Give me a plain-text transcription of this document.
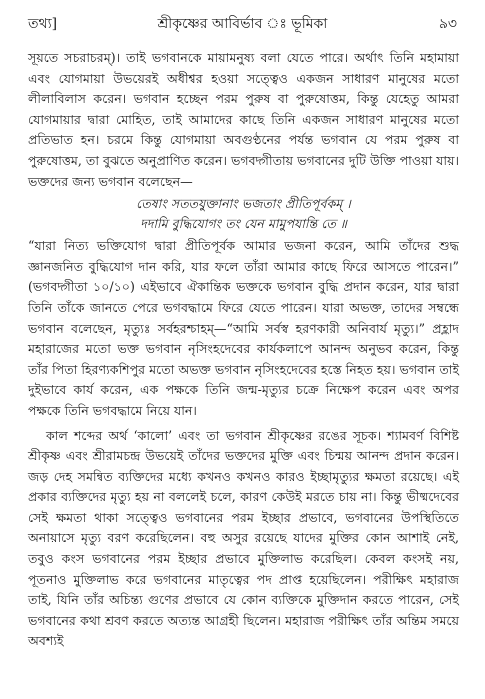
তথ্য]	শ্রীকৃষ্ণের আবির্ভাব ঃ ভূমিকা	৯৩

সূয়তে সচরাচরম্)। তাই ভগবানকে মায়ামনুষ্য বলা যেতে পারে। অর্থাৎ তিনি মহামায়া এবং যোগমায়া উভয়েরই অধীশ্বর হওয়া সত্ত্বেও একজন সাধারণ মানুষের মতো লীলাবিলাস করেন। ভগবান হচ্ছেন পরম পুরুষ বা পুরুষোত্তম, কিন্তু যেহেতু আমরা যোগমায়ার দ্বারা মোহিত, তাই আমাদের কাছে তিনি একজন সাধারণ মানুষের মতো প্রতিভাত হন। চরমে কিন্তু যোগমায়া অবগুণ্ঠনের পর্যন্ত ভগবান যে পরম পুরুষ বা পুরুষোত্তম, তা বুঝতে অনুপ্রাণিত করেন। ভগবদ্গীতায় ভগবানের দুটি উক্তি পাওয়া যায়। ভক্তদের জন্য ভগবান বলেছেন—

তেষাং সততযুক্তানাং ভজতাং প্রীতিপূর্বকম্ ।
দদামি বুদ্ধিযোগং তং যেন মামুপযান্তি তে ॥

“যারা নিত্য ভক্তিযোগ দ্বারা প্রীতিপূর্বক আমার ভজনা করেন, আমি তাঁদের শুদ্ধ জ্ঞানজনিত বুদ্ধিযোগ দান করি, যার ফলে তাঁরা আমার কাছে ফিরে আসতে পারেন।” (ভগবদ্গীতা ১০/১০) এইভাবে ঐকান্তিক ভক্তকে ভগবান বুদ্ধি প্রদান করেন, যার দ্বারা তিনি তাঁকে জানতে পেরে ভগবদ্ধামে ফিরে যেতে পারেন। যারা অভক্ত, তাদের সম্বন্ধে ভগবান বলেছেন, মৃত্যুঃ সর্বহরশ্চাহম্—“আমি সর্বস্ব হরণকারী অনিবার্য মৃত্যু।” প্রহ্লাদ মহারাজের মতো ভক্ত ভগবান নৃসিংহদেবের কার্যকলাপে আনন্দ অনুভব করেন, কিন্তু তাঁর পিতা হিরণ্যকশিপুর মতো অভক্ত ভগবান নৃসিংহদেবের হস্তে নিহত হয়। ভগবান তাই দুইভাবে কার্য করেন, এক পক্ষকে তিনি জন্ম-মৃত্যুর চক্রে নিক্ষেপ করেন এবং অপর পক্ষকে তিনি ভগবদ্ধামে নিয়ে যান।

কাল শব্দের অর্থ ‘কালো’ এবং তা ভগবান শ্রীকৃষ্ণের রঙের সূচক। শ্যামবর্ণ বিশিষ্ট শ্রীকৃষ্ণ এবং শ্রীরামচন্দ্র উভয়েই তাঁদের ভক্তদের মুক্তি এবং চিন্ময় আনন্দ প্রদান করেন। জড় দেহ সমন্বিত ব্যক্তিদের মধ্যে কখনও কখনও কারও ইচ্ছামৃত্যুর ক্ষমতা রয়েছে। এই প্রকার ব্যক্তিদের মৃত্যু হয় না বললেই চলে, কারণ কেউই মরতে চায় না। কিন্তু ভীষ্মদেবের সেই ক্ষমতা থাকা সত্ত্বেও ভগবানের পরম ইচ্ছার প্রভাবে, ভগবানের উপস্থিতিতে অনায়াসে মৃত্যু বরণ করেছিলেন। বহু অসুর রয়েছে যাদের মুক্তির কোন আশাই নেই, তবুও কংস ভগবানের পরম ইচ্ছার প্রভাবে মুক্তিলাভ করেছিল। কেবল কংসই নয়, পূতনাও মুক্তিলাভ করে ভগবানের মাতৃত্বের পদ প্রাপ্ত হয়েছিলেন। পরীক্ষিৎ মহারাজ তাই, যিনি তাঁর অচিন্ত্য গুণের প্রভাবে যে কোন ব্যক্তিকে মুক্তিদান করতে পারেন, সেই ভগবানের কথা শ্রবণ করতে অত্যন্ত আগ্রহী ছিলেন। মহারাজ পরীক্ষিৎ তাঁর অন্তিম সময়ে অবশ্যই
